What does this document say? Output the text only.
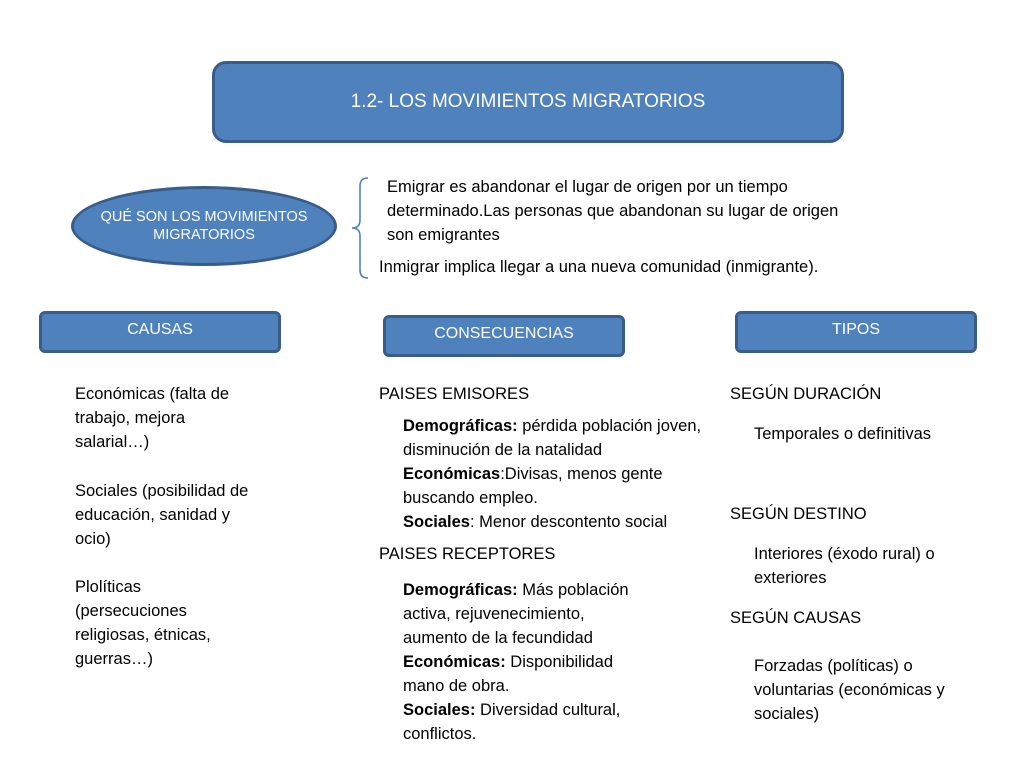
1.2- LOS MOVIMIENTOS MIGRATORIOS
QUÉ SON LOS MOVIMIENTOS MIGRATORIOS
Emigrar es abandonar el lugar de origen por un tiempo determinado.Las personas que abandonan su lugar de origen son emigrantes
Inmigrar implica llegar a una nueva comunidad (inmigrante).
CAUSAS	CONSECUENCIAS	TIPOS
Económicas (falta de trabajo, mejora salarial…)
Sociales (posibilidad de educación, sanidad y ocio)
Plolíticas (persecuciones religiosas, étnicas, guerras…)
PAISES EMISORES
Demográficas: pérdida población joven, disminución de la natalidad
Económicas:Divisas, menos gente buscando empleo.
Sociales: Menor descontento social
PAISES RECEPTORES
Demográficas: Más población activa, rejuvenecimiento, aumento de la fecundidad
Económicas: Disponibilidad mano de obra.
Sociales: Diversidad cultural, conflictos.
SEGÚN DURACIÓN
Temporales o definitivas
SEGÚN DESTINO
Interiores (éxodo rural) o exteriores
SEGÚN CAUSAS
Forzadas (políticas) o voluntarias (económicas y sociales)
